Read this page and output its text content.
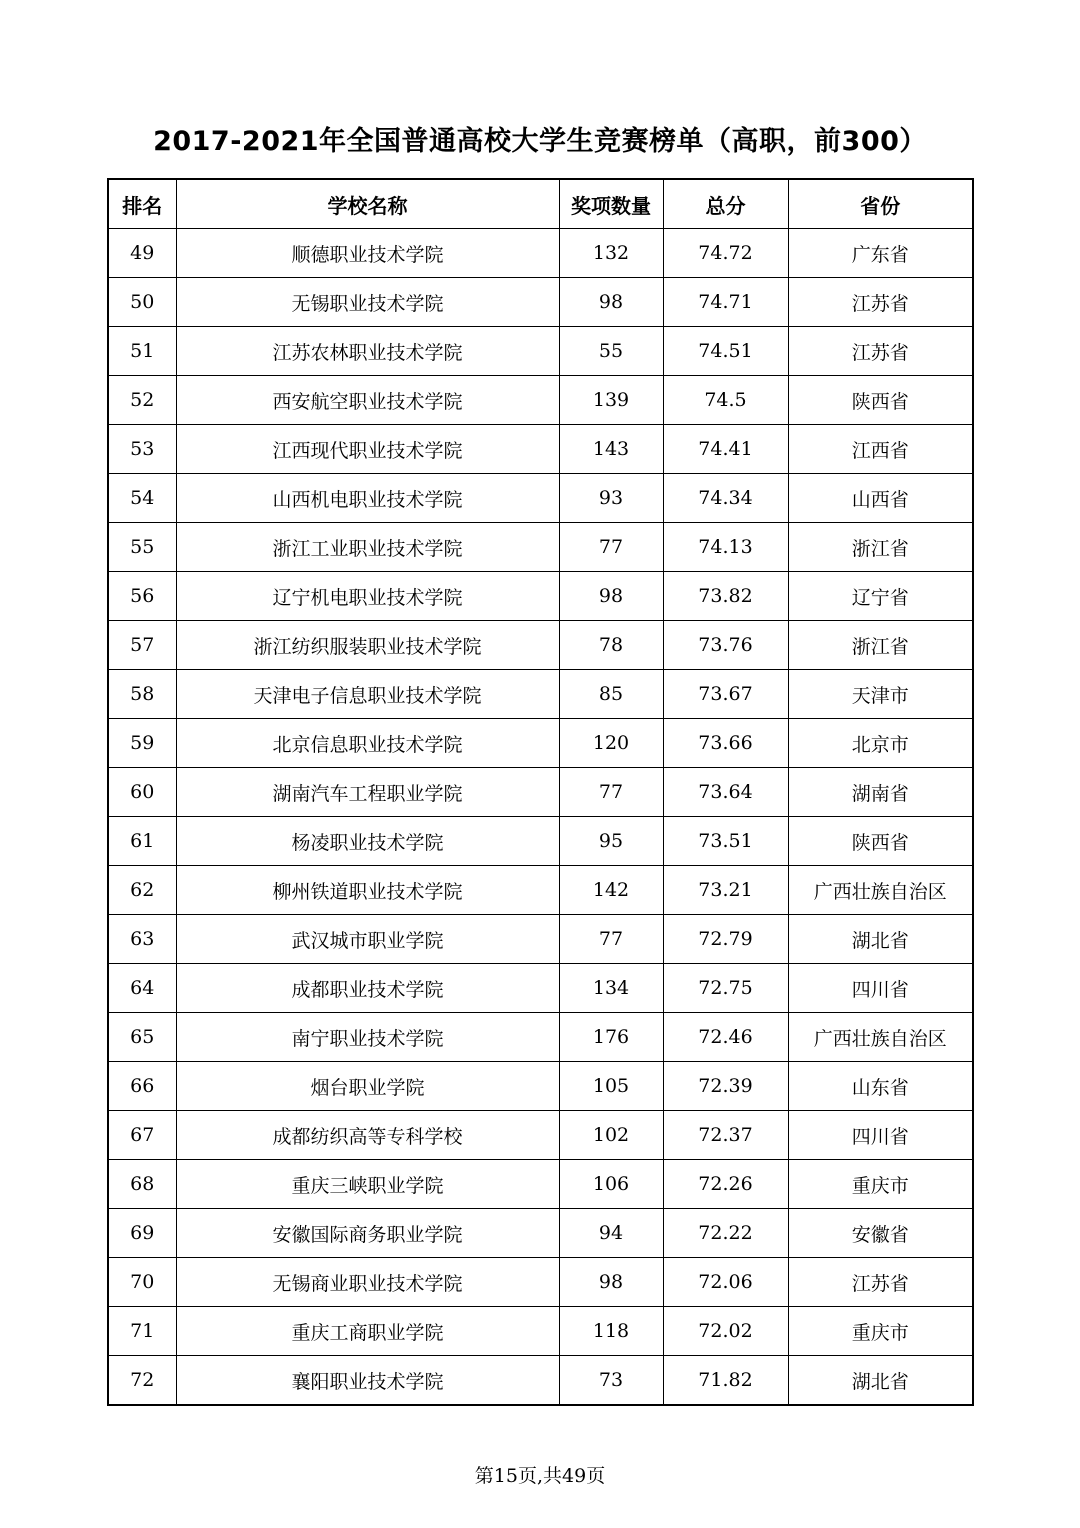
2017-2021年全国普通高校大学生竞赛榜单（高职，前300）
排名	学校名称	奖项数量	总分	省份
49	顺德职业技术学院	132	74.72	广东省
50	无锡职业技术学院	98	74.71	江苏省
51	江苏农林职业技术学院	55	74.51	江苏省
52	西安航空职业技术学院	139	74.5	陕西省
53	江西现代职业技术学院	143	74.41	江西省
54	山西机电职业技术学院	93	74.34	山西省
55	浙江工业职业技术学院	77	74.13	浙江省
56	辽宁机电职业技术学院	98	73.82	辽宁省
57	浙江纺织服装职业技术学院	78	73.76	浙江省
58	天津电子信息职业技术学院	85	73.67	天津市
59	北京信息职业技术学院	120	73.66	北京市
60	湖南汽车工程职业学院	77	73.64	湖南省
61	杨凌职业技术学院	95	73.51	陕西省
62	柳州铁道职业技术学院	142	73.21	广西壮族自治区
63	武汉城市职业学院	77	72.79	湖北省
64	成都职业技术学院	134	72.75	四川省
65	南宁职业技术学院	176	72.46	广西壮族自治区
66	烟台职业学院	105	72.39	山东省
67	成都纺织高等专科学校	102	72.37	四川省
68	重庆三峡职业学院	106	72.26	重庆市
69	安徽国际商务职业学院	94	72.22	安徽省
70	无锡商业职业技术学院	98	72.06	江苏省
71	重庆工商职业学院	118	72.02	重庆市
72	襄阳职业技术学院	73	71.82	湖北省
第15页,共49页
